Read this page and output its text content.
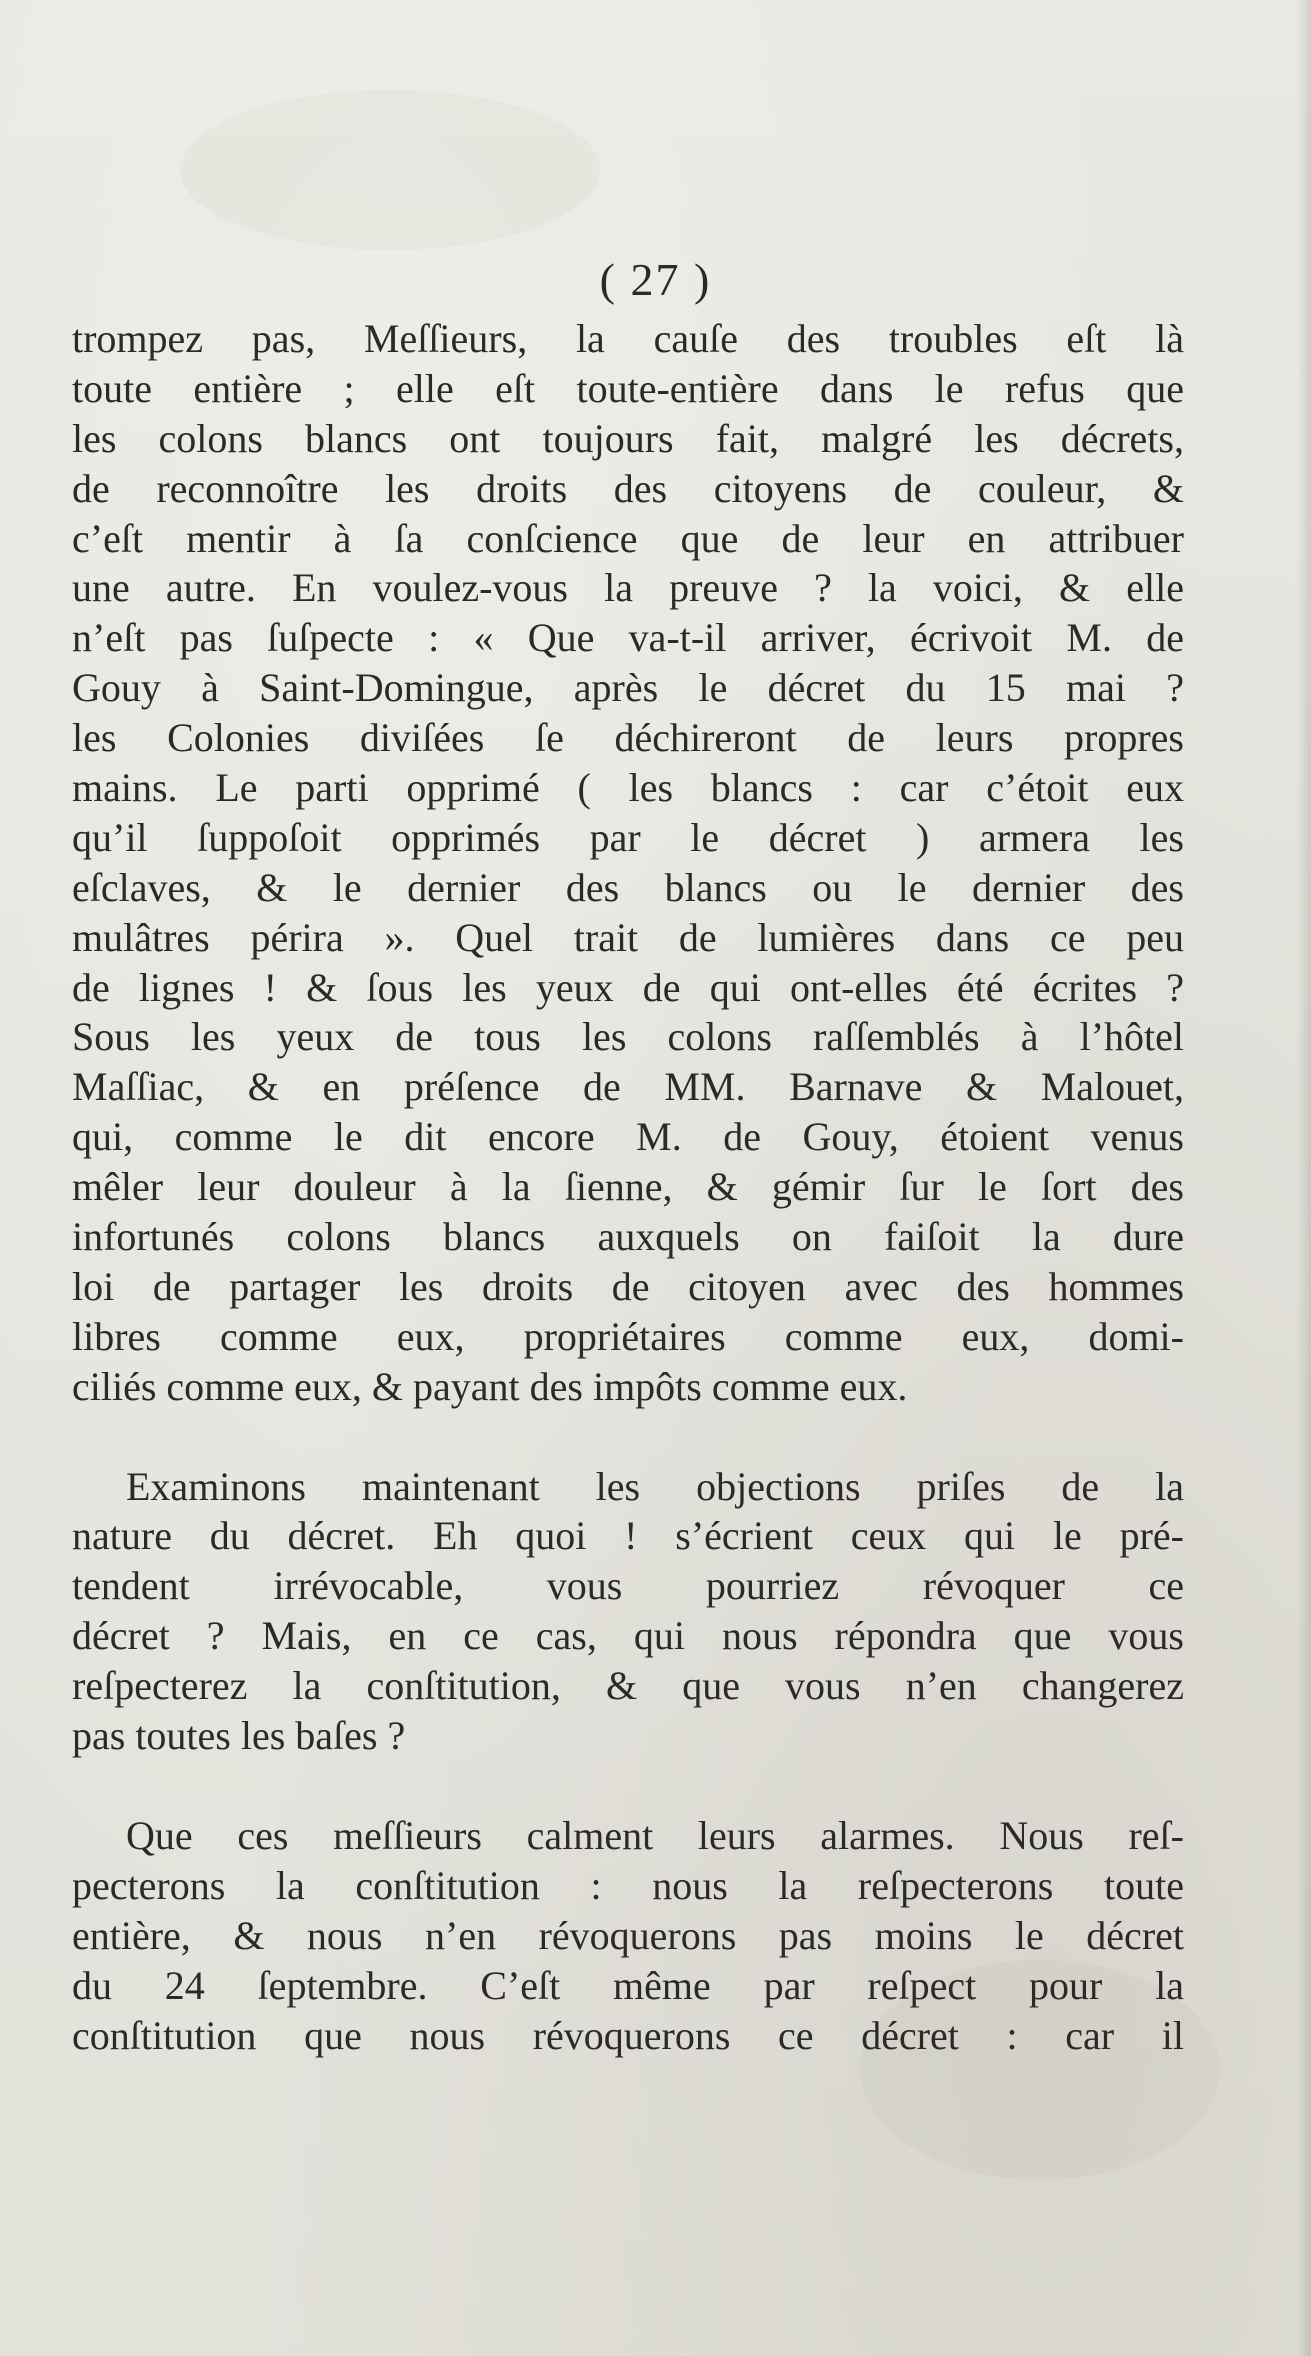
( 27 )
trompez pas, Meſſieurs, la cauſe des troubles eſt là
toute entière ; elle eſt toute-entière dans le refus que
les colons blancs ont toujours fait, malgré les décrets,
de reconnoître les droits des citoyens de couleur, &
c’eſt mentir à ſa conſcience que de leur en attribuer
une autre. En voulez-vous la preuve ? la voici, & elle
n’eſt pas ſuſpecte : « Que va-t-il arriver, écrivoit M. de
Gouy à Saint-Domingue, après le décret du 15 mai ?
les Colonies diviſées ſe déchireront de leurs propres
mains. Le parti opprimé ( les blancs : car c’étoit eux
qu’il ſuppoſoit opprimés par le décret ) armera les
eſclaves, & le dernier des blancs ou le dernier des
mulâtres périra ». Quel trait de lumières dans ce peu
de lignes ! & ſous les yeux de qui ont-elles été écrites ?
Sous les yeux de tous les colons raſſemblés à l’hôtel
Maſſiac, & en préſence de MM. Barnave & Malouet,
qui, comme le dit encore M. de Gouy, étoient venus
mêler leur douleur à la ſienne, & gémir ſur le ſort des
infortunés colons blancs auxquels on faiſoit la dure
loi de partager les droits de citoyen avec des hommes
libres comme eux, propriétaires comme eux, domi-
ciliés comme eux, & payant des impôts comme eux.
Examinons maintenant les objections priſes de la
nature du décret. Eh quoi ! s’écrient ceux qui le pré-
tendent irrévocable, vous pourriez révoquer ce
décret ? Mais, en ce cas, qui nous répondra que vous
reſpecterez la conſtitution, & que vous n’en changerez
pas toutes les baſes ?
Que ces meſſieurs calment leurs alarmes. Nous reſ-
pecterons la conſtitution : nous la reſpecterons toute
entière, & nous n’en révoquerons pas moins le décret
du 24 ſeptembre. C’eſt même par reſpect pour la
conſtitution que nous révoquerons ce décret : car il
